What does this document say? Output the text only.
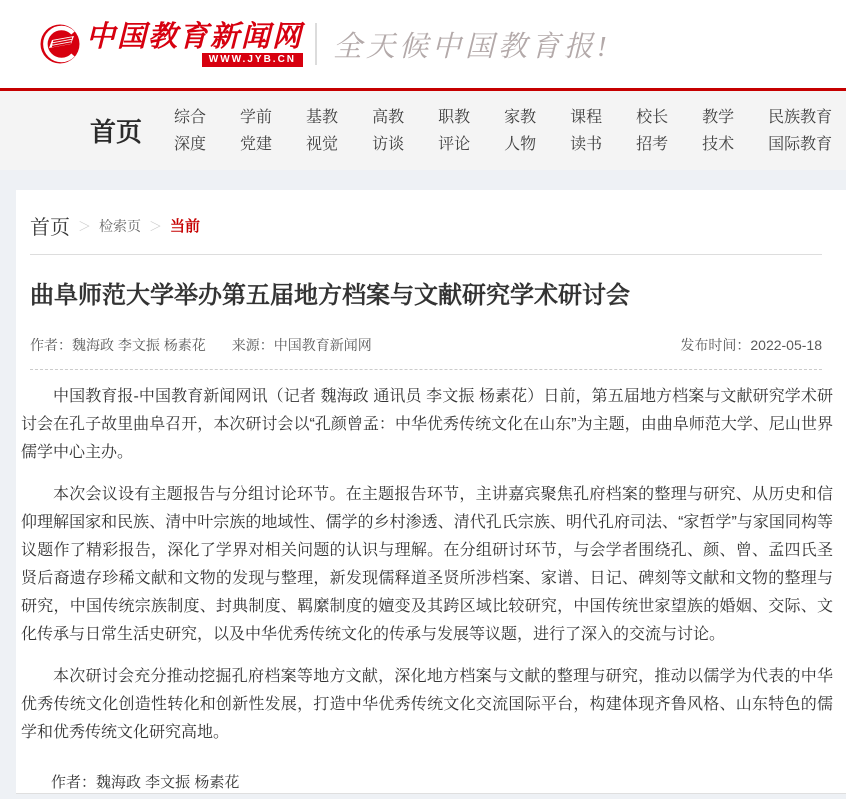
中国教育新闻网
WWW.JYB.CN 全天候中国教育报!
首页 综合
深度
学前
党建
基教
视觉
高教
访谈
职教
评论
家教
人物
课程
读书
校长
招考
教学
技术
民族教育
国际教育
首页 ＞ 检索页 ＞ 当前
曲阜师范大学举办第五届地方档案与文献研究学术研讨会
作者：魏海政 李文振 杨素花 来源：中国教育新闻网	发布时间：2022-05-18

中国教育报-中国教育新闻网讯（记者 魏海政 通讯员 李文振 杨素花）日前，第五届地方档案与文献研究学术研讨会在孔子故里曲阜召开，本次研讨会以“孔颜曾孟：中华优秀传统文化在山东”为主题，由曲阜师范大学、尼山世界儒学中心主办。

本次会议设有主题报告与分组讨论环节。在主题报告环节，主讲嘉宾聚焦孔府档案的整理与研究、从历史和信仰理解国家和民族、清中叶宗族的地域性、儒学的乡村渗透、清代孔氏宗族、明代孔府司法、“家哲学”与家国同构等议题作了精彩报告，深化了学界对相关问题的认识与理解。在分组研讨环节，与会学者围绕孔、颜、曾、孟四氏圣贤后裔遗存珍稀文献和文物的发现与整理，新发现儒释道圣贤所涉档案、家谱、日记、碑刻等文献和文物的整理与研究，中国传统宗族制度、封典制度、羁縻制度的嬗变及其跨区域比较研究，中国传统世家望族的婚姻、交际、文化传承与日常生活史研究，以及中华优秀传统文化的传承与发展等议题，进行了深入的交流与讨论。

本次研讨会充分推动挖掘孔府档案等地方文献，深化地方档案与文献的整理与研究，推动以儒学为代表的中华优秀传统文化创造性转化和创新性发展，打造中华优秀传统文化交流国际平台，构建体现齐鲁风格、山东特色的儒学和优秀传统文化研究高地。

作者：魏海政 李文振 杨素花
